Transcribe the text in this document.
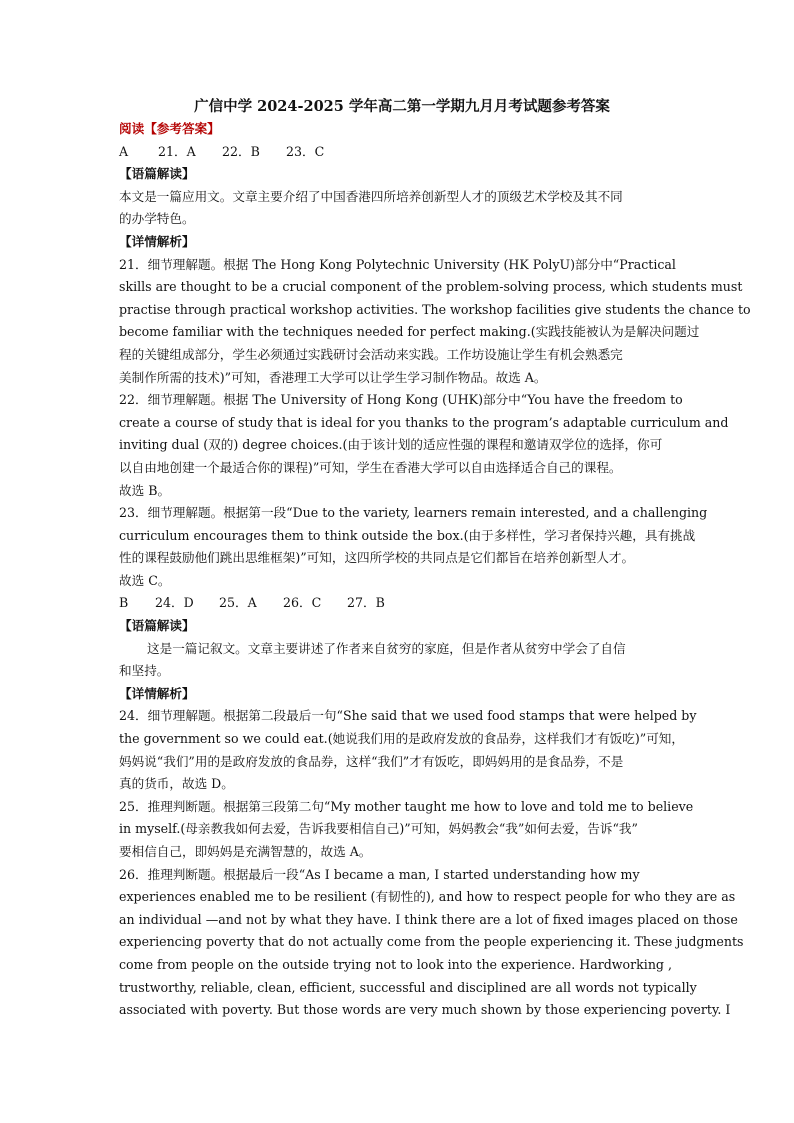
广信中学 2024-2025 学年高二第一学期九月月考试题参考答案
阅读【参考答案】
A 21．A 22．B 23．C
【语篇解读】
本文是一篇应用文。文章主要介绍了中国香港四所培养创新型人才的顶级艺术学校及其不同
的办学特色。
【详情解析】
21．细节理解题。根据 The Hong Kong Polytechnic University (HK PolyU)部分中“Practical
skills are thought to be a crucial component of the problem-solving process, which students must
practise through practical workshop activities. The workshop facilities give students the chance to
become familiar with the techniques needed for perfect making.(实践技能被认为是解决问题过
程的关键组成部分，学生必须通过实践研讨会活动来实践。工作坊设施让学生有机会熟悉完
美制作所需的技术)”可知，香港理工大学可以让学生学习制作物品。故选 A。
22．细节理解题。根据 The University of Hong Kong (UHK)部分中“You have the freedom to
create a course of study that is ideal for you thanks to the program’s adaptable curriculum and
inviting dual (双的) degree choices.(由于该计划的适应性强的课程和邀请双学位的选择，你可
以自由地创建一个最适合你的课程)”可知，学生在香港大学可以自由选择适合自己的课程。
故选 B。
23．细节理解题。根据第一段“Due to the variety, learners remain interested, and a challenging
curriculum encourages them to think outside the box.(由于多样性，学习者保持兴趣，具有挑战
性的课程鼓励他们跳出思维框架)”可知，这四所学校的共同点是它们都旨在培养创新型人才。
故选 C。
B 24．D 25．A 26．C 27．B
【语篇解读】
这是一篇记叙文。文章主要讲述了作者来自贫穷的家庭，但是作者从贫穷中学会了自信
和坚持。
【详情解析】
24．细节理解题。根据第二段最后一句“She said that we used food stamps that were helped by
the government so we could eat.(她说我们用的是政府发放的食品券，这样我们才有饭吃)”可知，
妈妈说“我们”用的是政府发放的食品券，这样“我们”才有饭吃，即妈妈用的是食品券，不是
真的货币，故选 D。
25．推理判断题。根据第三段第二句“My mother taught me how to love and told me to believe
in myself.(母亲教我如何去爱，告诉我要相信自己)”可知，妈妈教会“我”如何去爱，告诉“我”
要相信自己，即妈妈是充满智慧的，故选 A。
26．推理判断题。根据最后一段“As I became a man, I started understanding how my
experiences enabled me to be resilient (有韧性的), and how to respect people for who they are as
an individual —and not by what they have. I think there are a lot of fixed images placed on those
experiencing poverty that do not actually come from the people experiencing it. These judgments
come from people on the outside trying not to look into the experience. Hardworking ,
trustworthy, reliable, clean, efficient, successful and disciplined are all words not typically
associated with poverty. But those words are very much shown by those experiencing poverty. I
